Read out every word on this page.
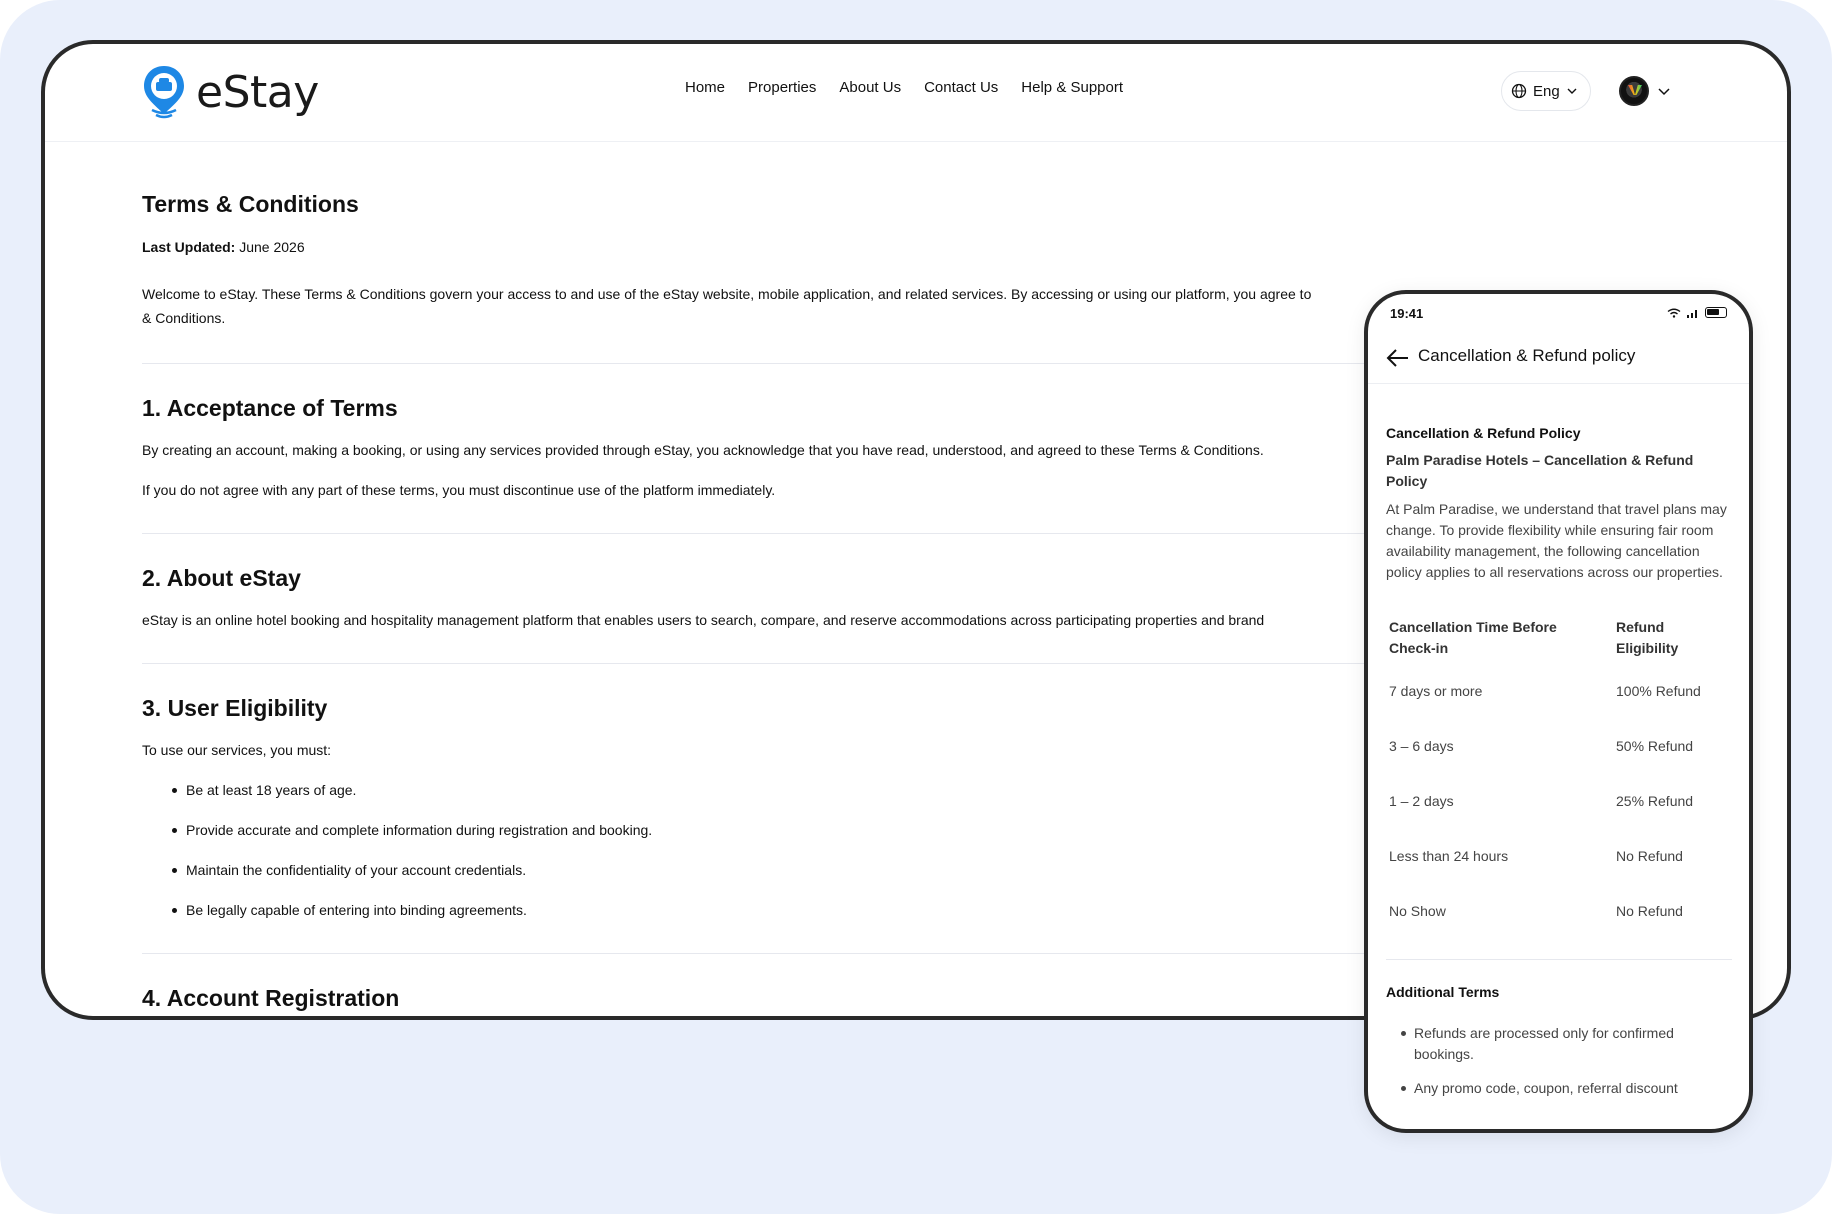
eStay	Home Properties About Us Contact Us Help & Support	Eng
Terms & Conditions
Last Updated: June 2026
Welcome to eStay. These Terms & Conditions govern your access to and use of the eStay website, mobile application, and related services. By accessing or using our platform, you agree to
& Conditions.
1. Acceptance of Terms
By creating an account, making a booking, or using any services provided through eStay, you acknowledge that you have read, understood, and agreed to these Terms & Conditions.
If you do not agree with any part of these terms, you must discontinue use of the platform immediately.
2. About eStay
eStay is an online hotel booking and hospitality management platform that enables users to search, compare, and reserve accommodations across participating properties and brand
3. User Eligibility
To use our services, you must:
Be at least 18 years of age.
Provide accurate and complete information during registration and booking.
Maintain the confidentiality of your account credentials.
Be legally capable of entering into binding agreements.
4. Account Registration
19:41
Cancellation & Refund policy
Cancellation & Refund Policy
Palm Paradise Hotels – Cancellation & Refund Policy
At Palm Paradise, we understand that travel plans may change. To provide flexibility while ensuring fair room availability management, the following cancellation policy applies to all reservations across our properties.
Cancellation Time Before Check-in
Refund Eligibility
7 days or more	100% Refund
3 – 6 days	50% Refund
1 – 2 days	25% Refund
Less than 24 hours	No Refund
No Show	No Refund
Additional Terms
Refunds are processed only for confirmed bookings.
Any promo code, coupon, referral discount
